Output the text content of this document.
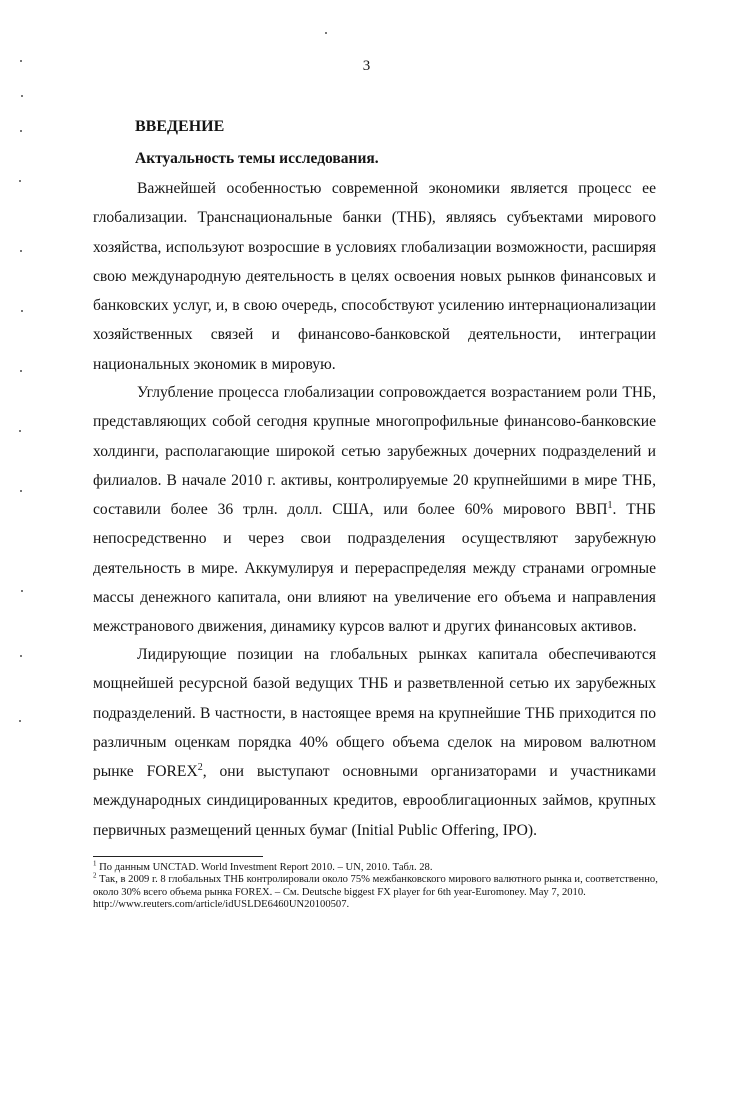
3
ВВЕДЕНИЕ
Актуальность темы исследования.

Важнейшей особенностью современной экономики является процесс ее глобализации. Транснациональные банки (ТНБ), являясь субъектами мирового хозяйства, используют возросшие в условиях глобализации возможности, расширяя свою международную деятельность в целях освоения новых рынков финансовых и банковских услуг, и, в свою очередь, способствуют усилению интернационализации хозяйственных связей и финансово-банковской деятельности, интеграции национальных экономик в мировую.

Углубление процесса глобализации сопровождается возрастанием роли ТНБ, представляющих собой сегодня крупные многопрофильные финансово-банковские холдинги, располагающие широкой сетью зарубежных дочерних подразделений и филиалов. В начале 2010 г. активы, контролируемые 20 крупнейшими в мире ТНБ, составили более 36 трлн. долл. США, или более 60% мирового ВВП$^1$. ТНБ непосредственно и через свои подразделения осуществляют зарубежную деятельность в мире. Аккумулируя и перераспределяя между странами огромные массы денежного капитала, они влияют на увеличение его объема и направления межстранового движения, динамику курсов валют и других финансовых активов.

Лидирующие позиции на глобальных рынках капитала обеспечиваются мощнейшей ресурсной базой ведущих ТНБ и разветвленной сетью их зарубежных подразделений. В частности, в настоящее время на крупнейшие ТНБ приходится по различным оценкам порядка 40% общего объема сделок на мировом валютном рынке FOREX$^2$, они выступают основными организаторами и участниками международных синдицированных кредитов, еврооблигационных займов, крупных первичных размещений ценных бумаг (Initial Public Offering, IPO).

$^1$ По данным UNCTAD. World Investment Report 2010. – UN, 2010. Табл. 28.

$^2$ Так, в 2009 г. 8 глобальных ТНБ контролировали около 75% межбанковского мирового валютного рынка и, соответственно, около 30% всего объема рынка FOREX. – См. Deutsche biggest FX player for 6th year-Euromoney. May 7, 2010. http://www.reuters.com/article/idUSLDE6460UN20100507.
